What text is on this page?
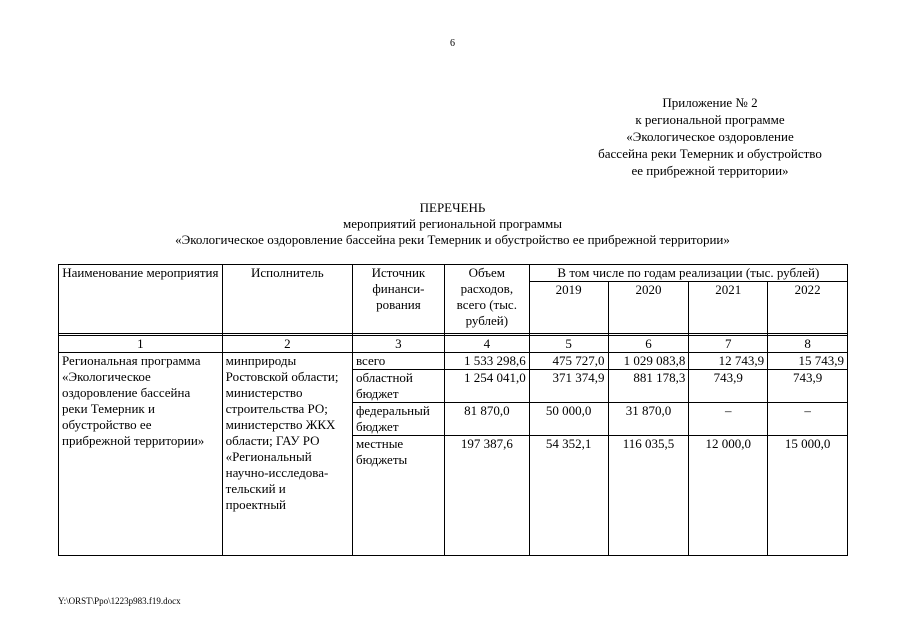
6
Приложение № 2
к региональной программе
«Экологическое оздоровление
бассейна реки Темерник и обустройство
ее прибрежной территории»
ПЕРЕЧЕНЬ
мероприятий региональной программы
«Экологическое оздоровление бассейна реки Темерник и обустройство ее прибрежной территории»
Наименование мероприятия	Исполнитель	Источник финанси-рования	Объем расходов, всего (тыс. рублей)	В том числе по годам реализации (тыс. рублей)			
				2019	2020	2021	2022

1	2	3	4	5	6	7	8
Региональная программа «Экологическое оздоровление бассейна реки Темерник и обустройство ее прибрежной территории»	минприроды Ростовской области; министерство строительства РО; министерство ЖКХ области; ГАУ РО «Региональный научно-исследова-тельский и проектный	всего	1 533 298,6	475 727,0	1 029 083,8	12 743,9	15 743,9
		областной бюджет	1 254 041,0	371 374,9	881 178,3	743,9	743,9
		федеральный бюджет	81 870,0	50 000,0	31 870,0	–	–
		местные бюджеты	197 387,6	54 352,1	116 035,5	12 000,0	15 000,0
Y:\ORST\Ppo\1223p983.f19.docx
